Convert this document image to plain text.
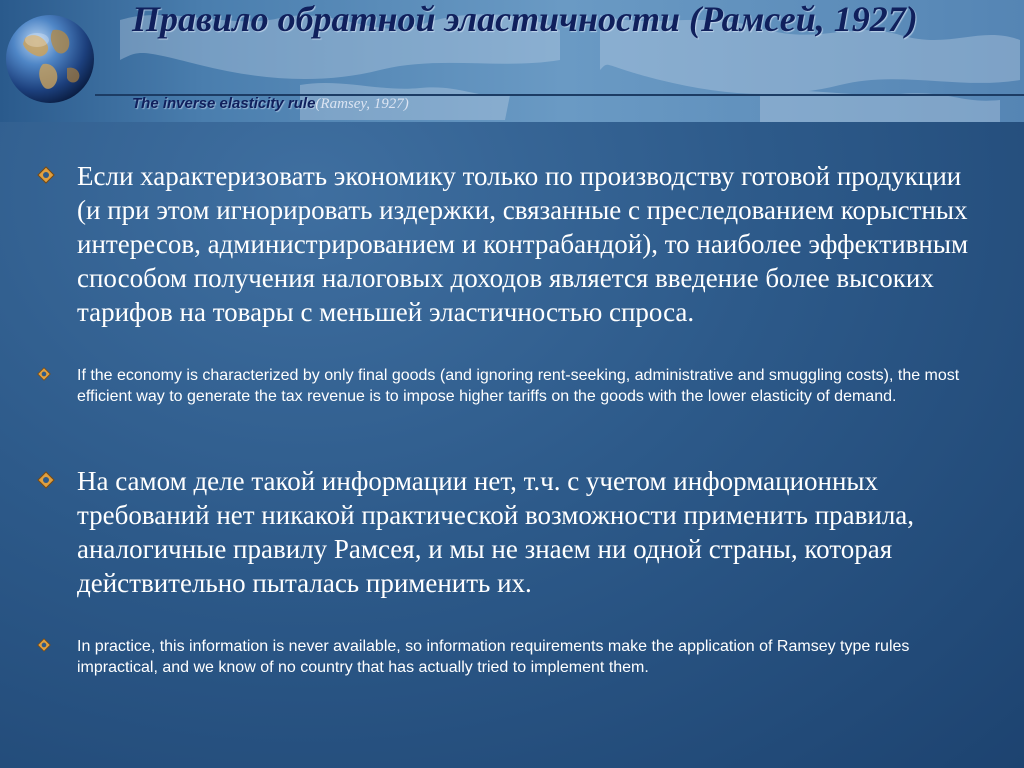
Правило обратной эластичности (Рамсей, 1927)
The inverse elasticity rule(Ramsey, 1927)
Если характеризовать экономику только по производству готовой продукции (и при этом игнорировать издержки, связанные с преследованием корыстных интересов, администрированием и контрабандой), то наиболее эффективным способом получения налоговых доходов является введение более высоких тарифов на товары с меньшей эластичностью спроса.
If the economy is characterized by only final goods (and ignoring rent-seeking, administrative and smuggling costs), the most efficient way to generate the tax revenue is to impose higher tariffs on the goods with the lower elasticity of demand.
На самом деле такой информации нет, т.ч. с учетом информационных требований нет никакой практической возможности применить правила, аналогичные правилу Рамсея, и мы не знаем ни одной страны, которая действительно пыталась применить их.
In practice, this information is never available, so information requirements make the application of Ramsey type rules impractical, and we know of no country that has actually tried to implement them.
